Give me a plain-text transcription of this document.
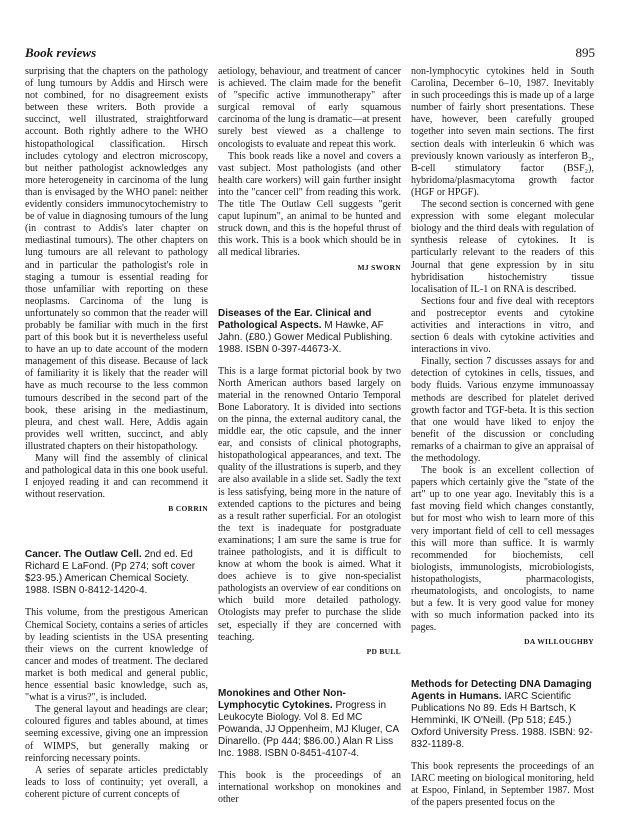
Book reviews	895

surprising that the chapters on the pathology of lung tumours by Addis and Hirsch were not combined, for no disagreement exists between these writers. Both provide a succinct, well illustrated, straightforward account. Both rightly adhere to the WHO histopathological classification. Hirsch includes cytology and electron microscopy, but neither pathologist acknowledges any more heterogeneity in carcinoma of the lung than is envisaged by the WHO panel: neither evidently considers immunocytochemistry to be of value in diagnosing tumours of the lung (in contrast to Addis's later chapter on mediastinal tumours). The other chapters on lung tumours are all relevant to pathology and in particular the pathologist's role in staging a tumour is essential reading for those unfamiliar with reporting on these neoplasms. Carcinoma of the lung is unfortunately so common that the reader will probably be familiar with much in the first part of this book but it is nevertheless useful to have an up to date account of the modern management of this disease. Because of lack of familiarity it is likely that the reader will have as much recourse to the less common tumours described in the second part of the book, these arising in the mediastinum, pleura, and chest wall. Here, Addis again provides well written, succinct, and ably illustrated chapters on their histopathology.

Many will find the assembly of clinical and pathological data in this one book useful. I enjoyed reading it and can recommend it without reservation.

B CORRIN
Cancer. The Outlaw Cell. 2nd ed. Ed Richard E LaFond. (Pp 274; soft cover $23·95.) American Chemical Society. 1988. ISBN 0-8412-1420-4.

This volume, from the prestigous American Chemical Society, contains a series of articles by leading scientists in the USA presenting their views on the current knowledge of cancer and modes of treatment. The declared market is both medical and general public, hence essential basic knowledge, such as, "what is a virus?", is included.

The general layout and headings are clear; coloured figures and tables abound, at times seeming excessive, giving one an impression of WIMPS, but generally making or reinforcing necessary points.

A series of separate articles predictably leads to loss of continuity; yet overall, a coherent picture of current concepts of

aetiology, behaviour, and treatment of cancer is achieved. The claim made for the benefit of "specific active immunotherapy" after surgical removal of early squamous carcinoma of the lung is dramatic—at present surely best viewed as a challenge to oncologists to evaluate and repeat this work.

This book reads like a novel and covers a vast subject. Most pathologists (and other health care workers) will gain further insight into the "cancer cell" from reading this work. The title The Outlaw Cell suggests "gerit caput lupinum", an animal to be hunted and struck down, and this is the hopeful thrust of this work. This is a book which should be in all medical libraries.

MJ SWORN
Diseases of the Ear. Clinical and Pathological Aspects. M Hawke, AF Jahn. (£80.) Gower Medical Publishing. 1988. ISBN 0-397-44673-X.

This is a large format pictorial book by two North American authors based largely on material in the renowned Ontario Temporal Bone Laboratory. It is divided into sections on the pinna, the external auditory canal, the middle ear, the otic capsule, and the inner ear, and consists of clinical photographs, histopathological appearances, and text. The quality of the illustrations is superb, and they are also available in a slide set. Sadly the text is less satisfying, being more in the nature of extended captions to the pictures and being as a result rather superficial. For an otologist the text is inadequate for postgraduate examinations; I am sure the same is true for trainee pathologists, and it is difficult to know at whom the book is aimed. What it does achieve is to give non-specialist pathologists an overview of ear conditions on which build more detailed pathology. Otologists may prefer to purchase the slide set, especially if they are concerned with teaching.

PD BULL
Monokines and Other Non-Lymphocytic Cytokines. Progress in Leukocyte Biology. Vol 8. Ed MC Powanda, JJ Oppenheim, MJ Kluger, CA Dinarello. (Pp 444; $86.00.) Alan R Liss Inc. 1988. ISBN 0-8451-4107-4.

This book is the proceedings of an international workshop on monokines and other

non-lymphocytic cytokines held in South Carolina, December 6–10, 1987. Inevitably in such proceedings this is made up of a large number of fairly short presentations. These have, however, been carefully grouped together into seven main sections. The first section deals with interleukin 6 which was previously known variously as interferon B₂, B-cell stimulatory factor (BSF₂), hybridoma/plasmacytoma growth factor (HGF or HPGF).

The second section is concerned with gene expression with some elegant molecular biology and the third deals with regulation of synthesis release of cytokines. It is particularly relevant to the readers of this Journal that gene expression by in situ hybridisation histochemistry tissue localisation of IL-1 on RNA is described.

Sections four and five deal with receptors and postreceptor events and cytokine activities and interactions in vitro, and section 6 deals with cytokine activities and interactions in vivo.

Finally, section 7 discusses assays for and detection of cytokines in cells, tissues, and body fluids. Various enzyme immunoassay methods are described for platelet derived growth factor and TGF-beta. It is this section that one would have liked to enjoy the benefit of the discussion or concluding remarks of a chairman to give an appraisal of the methodology.

The book is an excellent collection of papers which certainly give the "state of the art" up to one year ago. Inevitably this is a fast moving field which changes constantly, but for most who wish to learn more of this very important field of cell to cell messages this will more than suffice. It is warmly recommended for biochemists, cell biologists, immunologists, microbiologists, histopathologists, pharmacologists, rheumatologists, and oncologists, to name but a few. It is very good value for money with so much information packed into its pages.

DA WILLOUGHBY
Methods for Detecting DNA Damaging Agents in Humans. IARC Scientific Publications No 89. Eds H Bartsch, K Hemminki, IK O'Neill. (Pp 518; £45.) Oxford University Press. 1988. ISBN: 92-832-1189-8.

This book represents the proceedings of an IARC meeting on biological monitoring, held at Espoo, Finland, in September 1987. Most of the papers presented focus on the
